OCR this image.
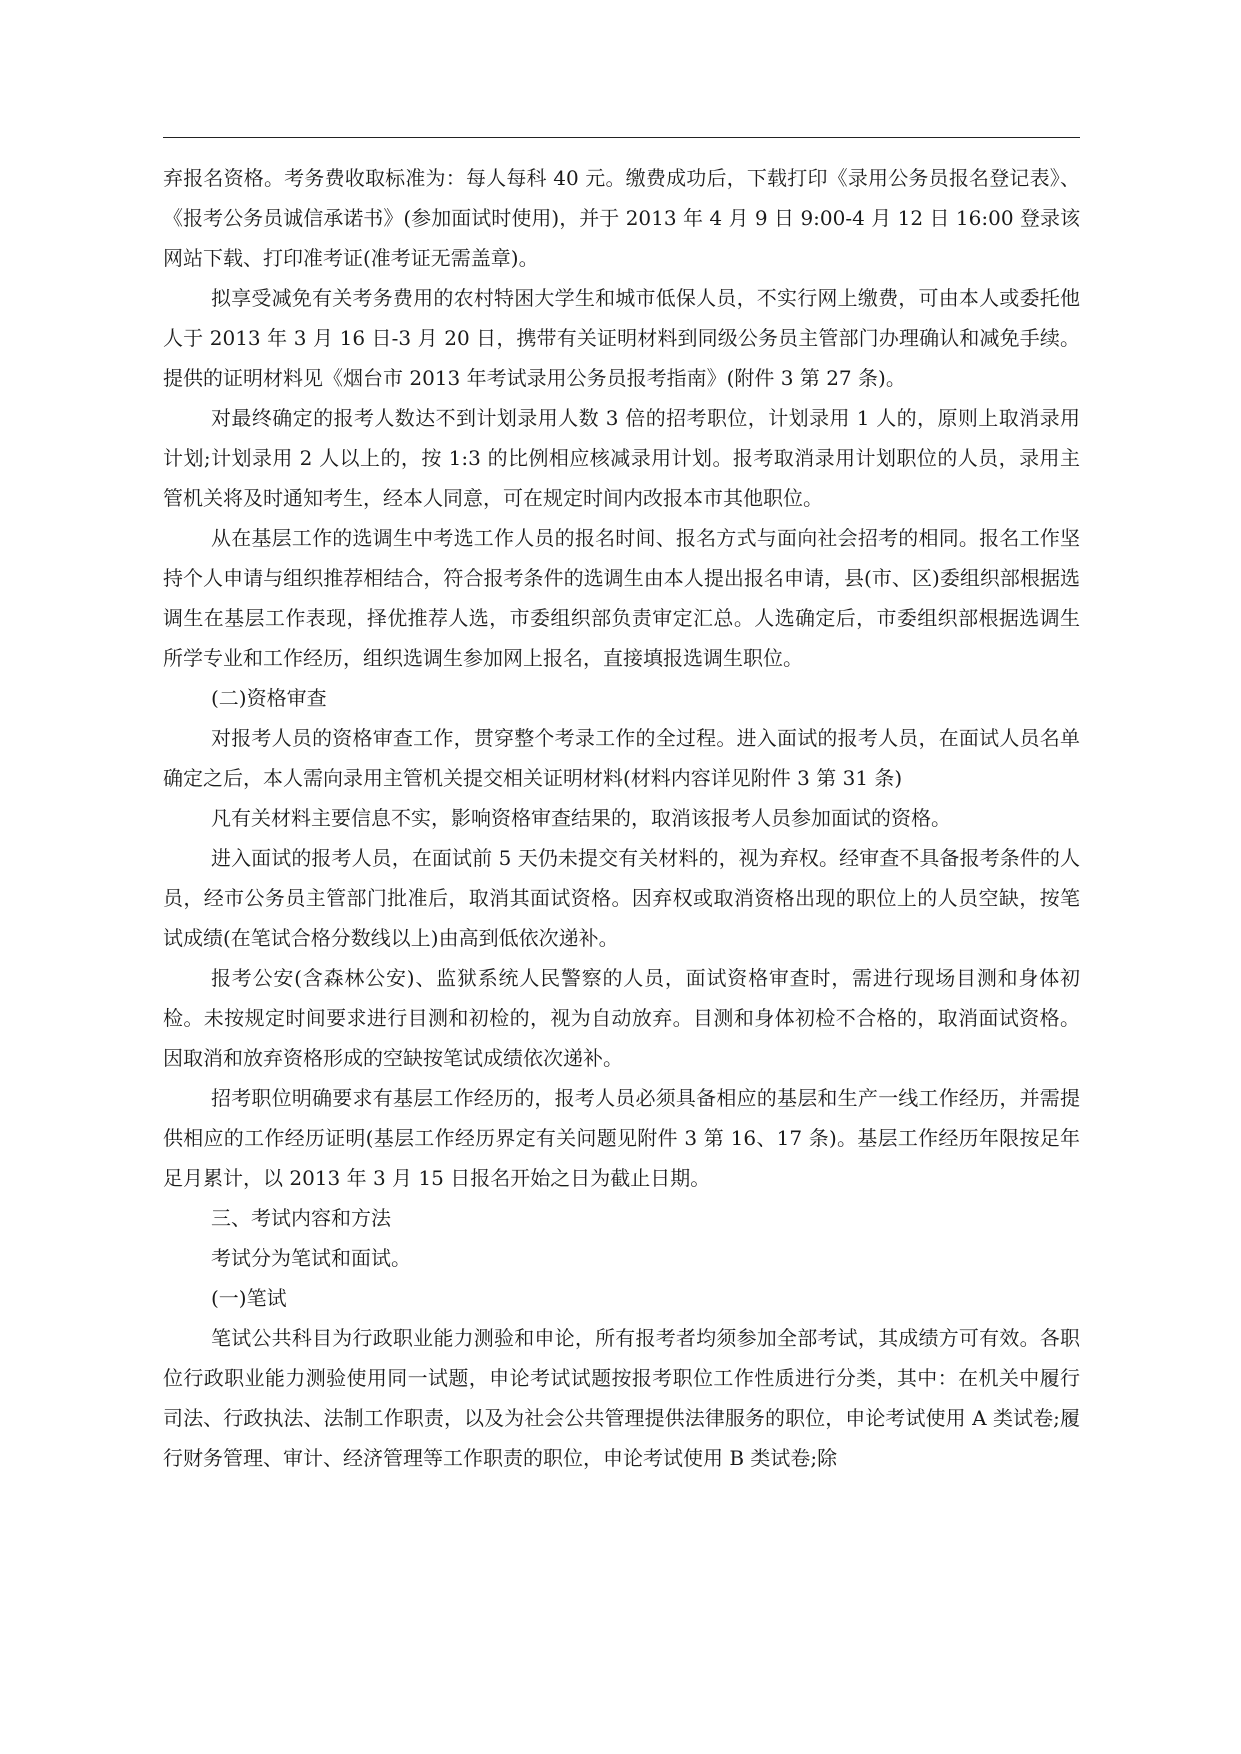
弃报名资格。考务费收取标准为：每人每科 40 元。缴费成功后，下载打印《录用公务员报名登记表》、《报考公务员诚信承诺书》(参加面试时使用)，并于 2013 年 4 月 9 日 9:00-4 月 12 日 16:00 登录该网站下载、打印准考证(准考证无需盖章)。

拟享受减免有关考务费用的农村特困大学生和城市低保人员，不实行网上缴费，可由本人或委托他人于 2013 年 3 月 16 日-3 月 20 日，携带有关证明材料到同级公务员主管部门办理确认和减免手续。提供的证明材料见《烟台市 2013 年考试录用公务员报考指南》(附件 3 第 27 条)。

对最终确定的报考人数达不到计划录用人数 3 倍的招考职位，计划录用 1 人的，原则上取消录用计划;计划录用 2 人以上的，按 1:3 的比例相应核减录用计划。报考取消录用计划职位的人员，录用主管机关将及时通知考生，经本人同意，可在规定时间内改报本市其他职位。

从在基层工作的选调生中考选工作人员的报名时间、报名方式与面向社会招考的相同。报名工作坚持个人申请与组织推荐相结合，符合报考条件的选调生由本人提出报名申请，县(市、区)委组织部根据选调生在基层工作表现，择优推荐人选，市委组织部负责审定汇总。人选确定后，市委组织部根据选调生所学专业和工作经历，组织选调生参加网上报名，直接填报选调生职位。

(二)资格审查

对报考人员的资格审查工作，贯穿整个考录工作的全过程。进入面试的报考人员，在面试人员名单确定之后，本人需向录用主管机关提交相关证明材料(材料内容详见附件 3 第 31 条)

凡有关材料主要信息不实，影响资格审查结果的，取消该报考人员参加面试的资格。

进入面试的报考人员，在面试前 5 天仍未提交有关材料的，视为弃权。经审查不具备报考条件的人员，经市公务员主管部门批准后，取消其面试资格。因弃权或取消资格出现的职位上的人员空缺，按笔试成绩(在笔试合格分数线以上)由高到低依次递补。

报考公安(含森林公安)、监狱系统人民警察的人员，面试资格审查时，需进行现场目测和身体初检。未按规定时间要求进行目测和初检的，视为自动放弃。目测和身体初检不合格的，取消面试资格。因取消和放弃资格形成的空缺按笔试成绩依次递补。

招考职位明确要求有基层工作经历的，报考人员必须具备相应的基层和生产一线工作经历，并需提供相应的工作经历证明(基层工作经历界定有关问题见附件 3 第 16、17 条)。基层工作经历年限按足年足月累计，以 2013 年 3 月 15 日报名开始之日为截止日期。

三、考试内容和方法

考试分为笔试和面试。

(一)笔试

笔试公共科目为行政职业能力测验和申论，所有报考者均须参加全部考试，其成绩方可有效。各职位行政职业能力测验使用同一试题，申论考试试题按报考职位工作性质进行分类，其中：在机关中履行司法、行政执法、法制工作职责，以及为社会公共管理提供法律服务的职位，申论考试使用 A 类试卷;履行财务管理、审计、经济管理等工作职责的职位，申论考试使用 B 类试卷;除
